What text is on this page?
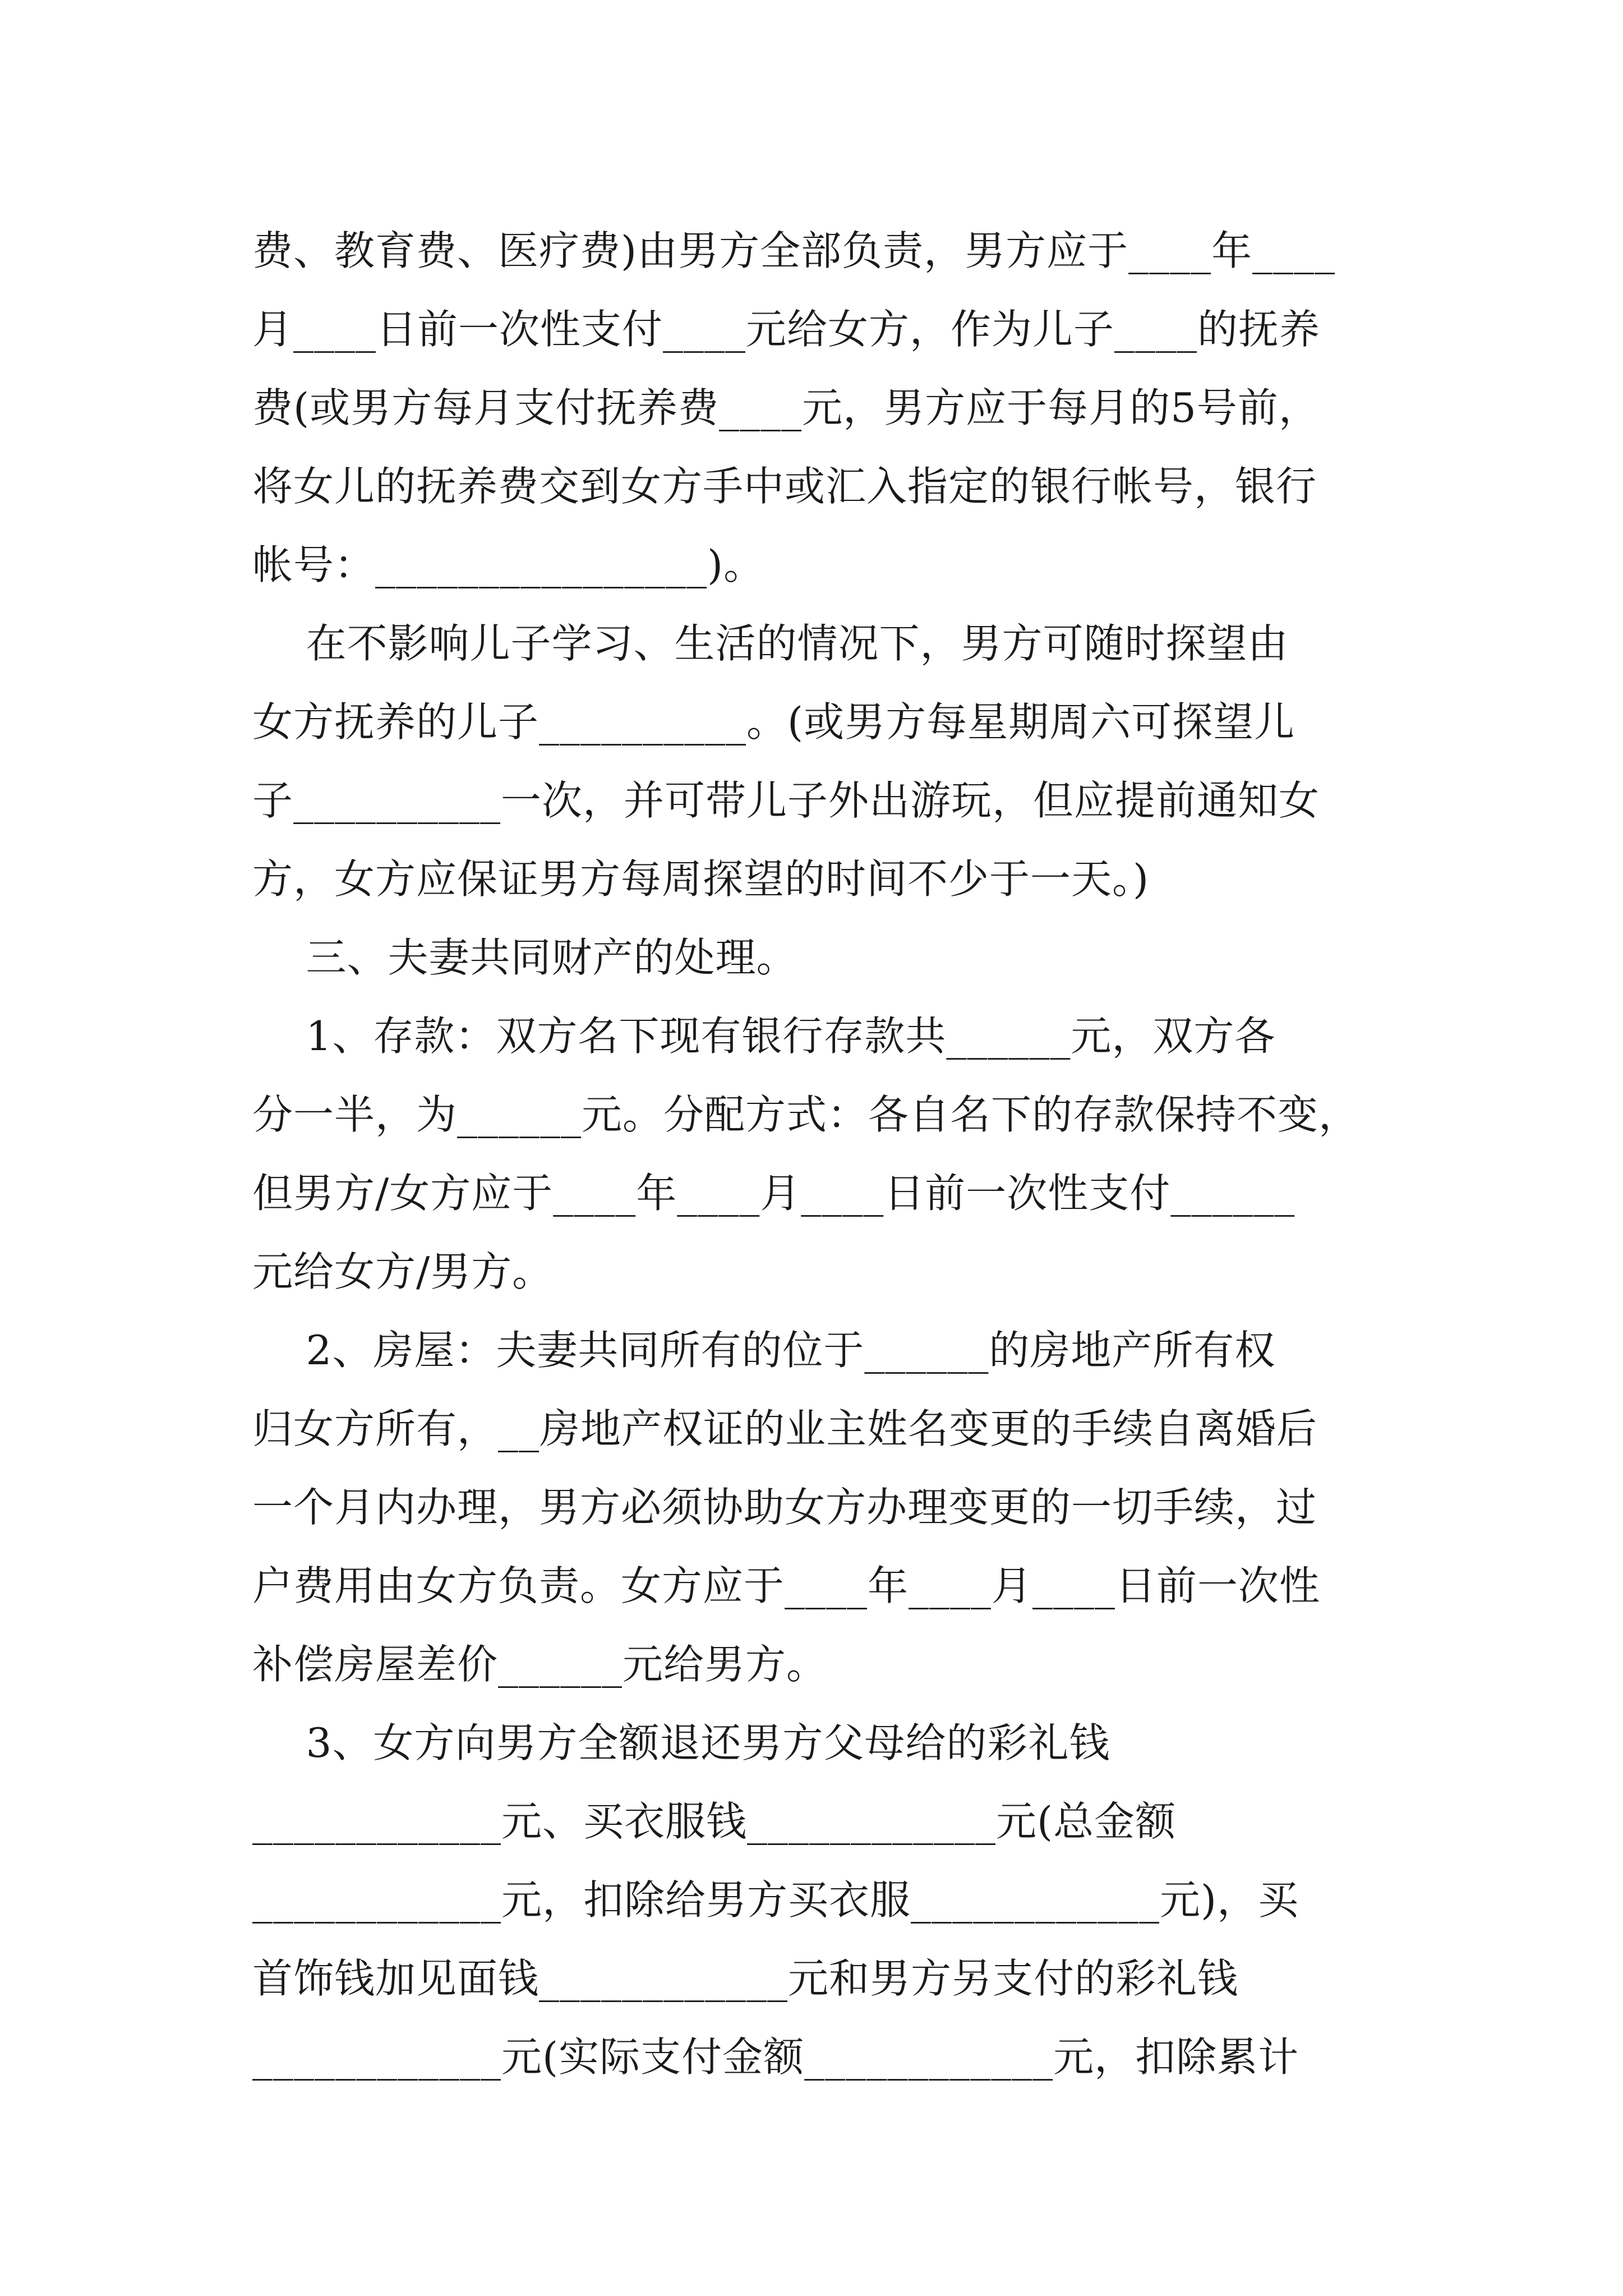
费、教育费、医疗费)由男方全部负责，男方应于____年____
月____日前一次性支付____元给女方，作为儿子____的抚养
费(或男方每月支付抚养费____元，男方应于每月的5号前，
将女儿的抚养费交到女方手中或汇入指定的银行帐号，银行
帐号：________________)。
在不影响儿子学习、生活的情况下，男方可随时探望由
女方抚养的儿子__________。(或男方每星期周六可探望儿
子__________一次，并可带儿子外出游玩，但应提前通知女
方，女方应保证男方每周探望的时间不少于一天。)
三、夫妻共同财产的处理。
1、存款：双方名下现有银行存款共______元，双方各
分一半，为______元。分配方式：各自名下的存款保持不变，
但男方/女方应于____年____月____日前一次性支付______
元给女方/男方。
2、房屋：夫妻共同所有的位于______的房地产所有权
归女方所有，__房地产权证的业主姓名变更的手续自离婚后
一个月内办理，男方必须协助女方办理变更的一切手续，过
户费用由女方负责。女方应于____年____月____日前一次性
补偿房屋差价______元给男方。
3、女方向男方全额退还男方父母给的彩礼钱
____________元、买衣服钱____________元(总金额
____________元，扣除给男方买衣服____________元)，买
首饰钱加见面钱____________元和男方另支付的彩礼钱
____________元(实际支付金额____________元，扣除累计
